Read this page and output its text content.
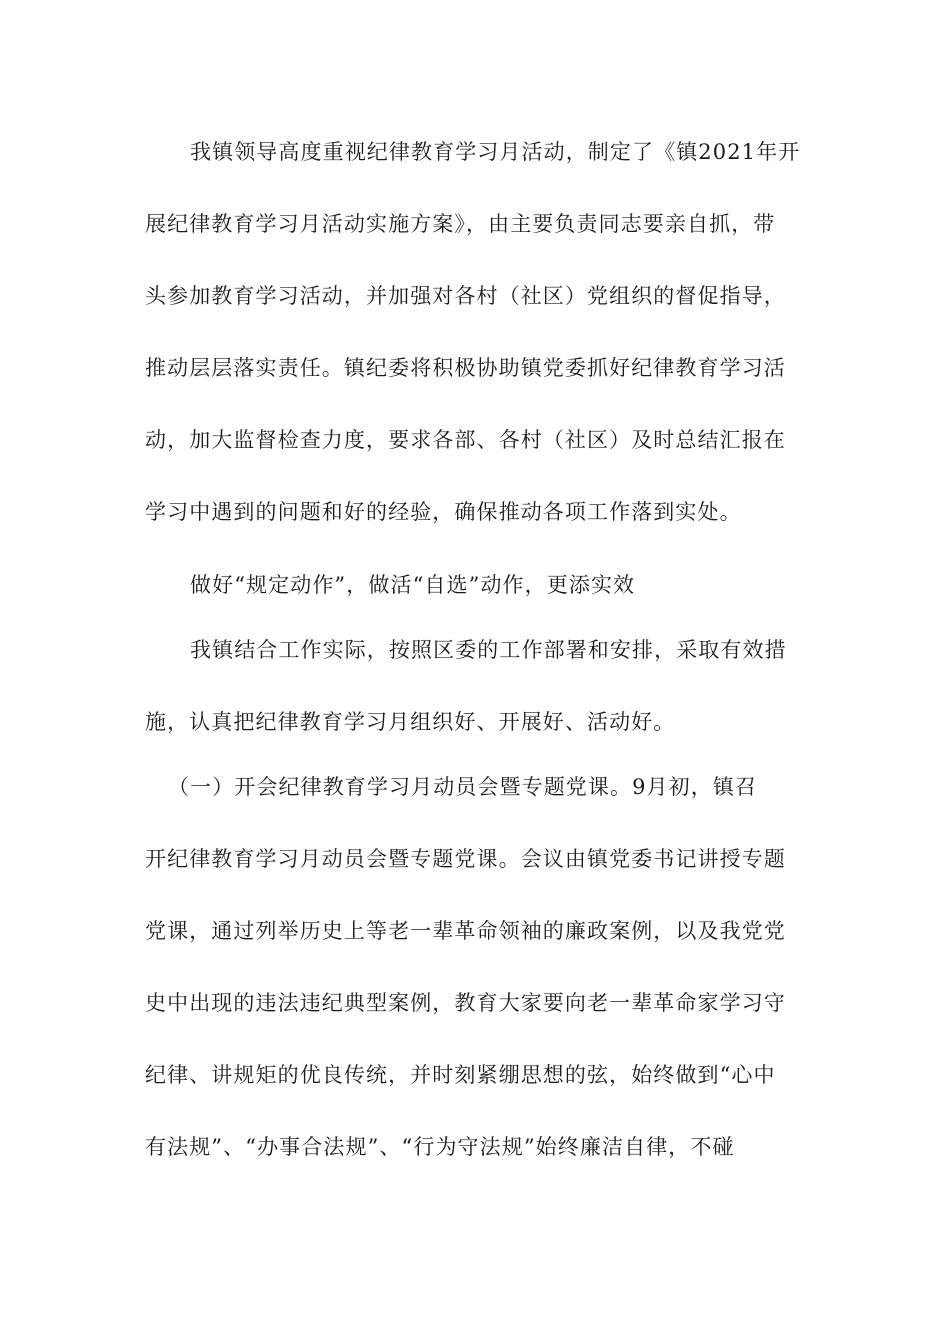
我镇领导高度重视纪律教育学习月活动，制定了《镇2021年开
展纪律教育学习月活动实施方案》，由主要负责同志要亲自抓，带
头参加教育学习活动，并加强对各村（社区）党组织的督促指导，
推动层层落实责任。镇纪委将积极协助镇党委抓好纪律教育学习活
动，加大监督检查力度，要求各部、各村（社区）及时总结汇报在
学习中遇到的问题和好的经验，确保推动各项工作落到实处。
做好“规定动作”，做活“自选”动作，更添实效
我镇结合工作实际，按照区委的工作部署和安排，采取有效措
施，认真把纪律教育学习月组织好、开展好、活动好。
（一）开会纪律教育学习月动员会暨专题党课。9月初，镇召
开纪律教育学习月动员会暨专题党课。会议由镇党委书记讲授专题
党课，通过列举历史上等老一辈革命领袖的廉政案例，以及我党党
史中出现的违法违纪典型案例，教育大家要向老一辈革命家学习守
纪律、讲规矩的优良传统，并时刻紧绷思想的弦，始终做到“心中
有法规”、“办事合法规”、“行为守法规”始终廉洁自律，不碰
